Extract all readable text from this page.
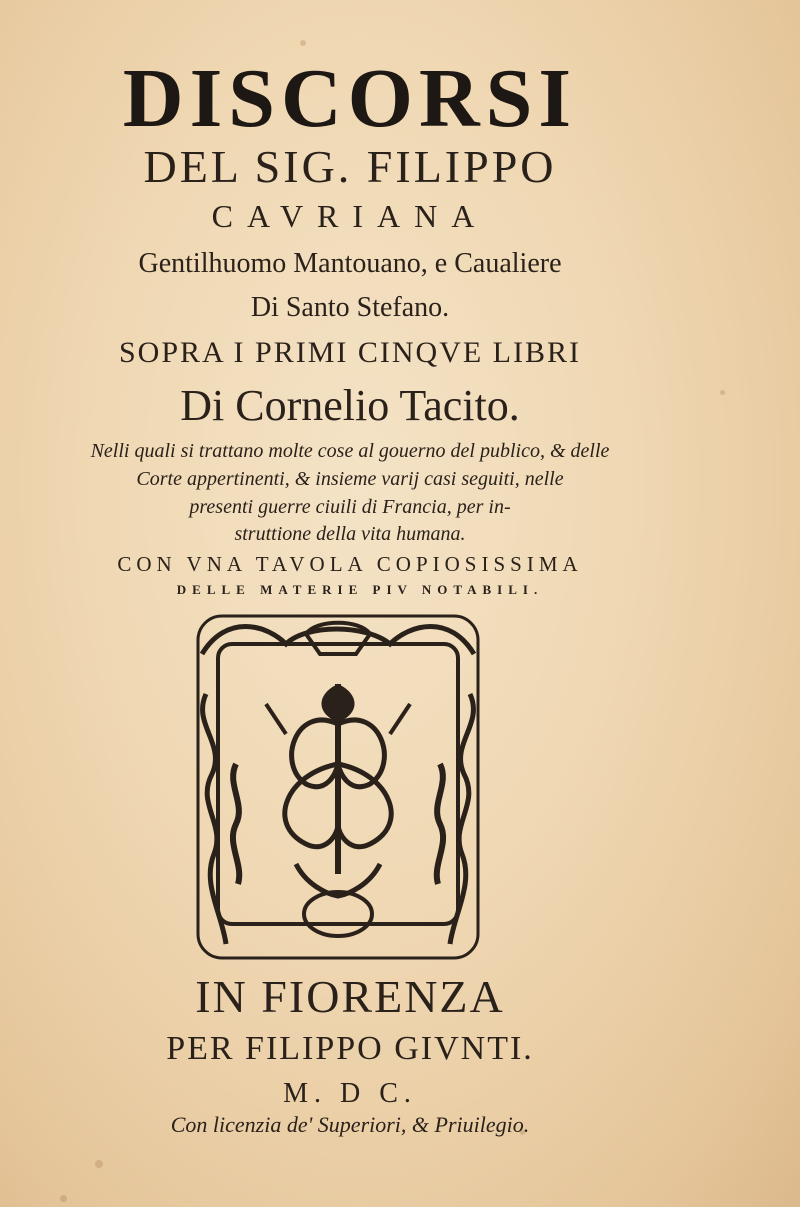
DISCORSI
DEL SIG. FILIPPO
CAVRIANA
Gentilhuomo Mantouano, e Caualiere
Di Santo Stefano.
SOPRA I PRIMI CINQVE LIBRI
Di Cornelio Tacito.
Nelli quali si trattano molte cose al gouerno del publico, & delle
Corte appertinenti, & insieme varij casi seguiti, nelle
presenti guerre ciuili di Francia, per in-
struttione della vita humana.
CON VNA TAVOLA COPIOSISSIMA
DELLE MATERIE PIV NOTABILI.
IN FIORENZA
PER FILIPPO GIVNTI.
M. D C.
Con licenzia de' Superiori, & Priuilegio.
